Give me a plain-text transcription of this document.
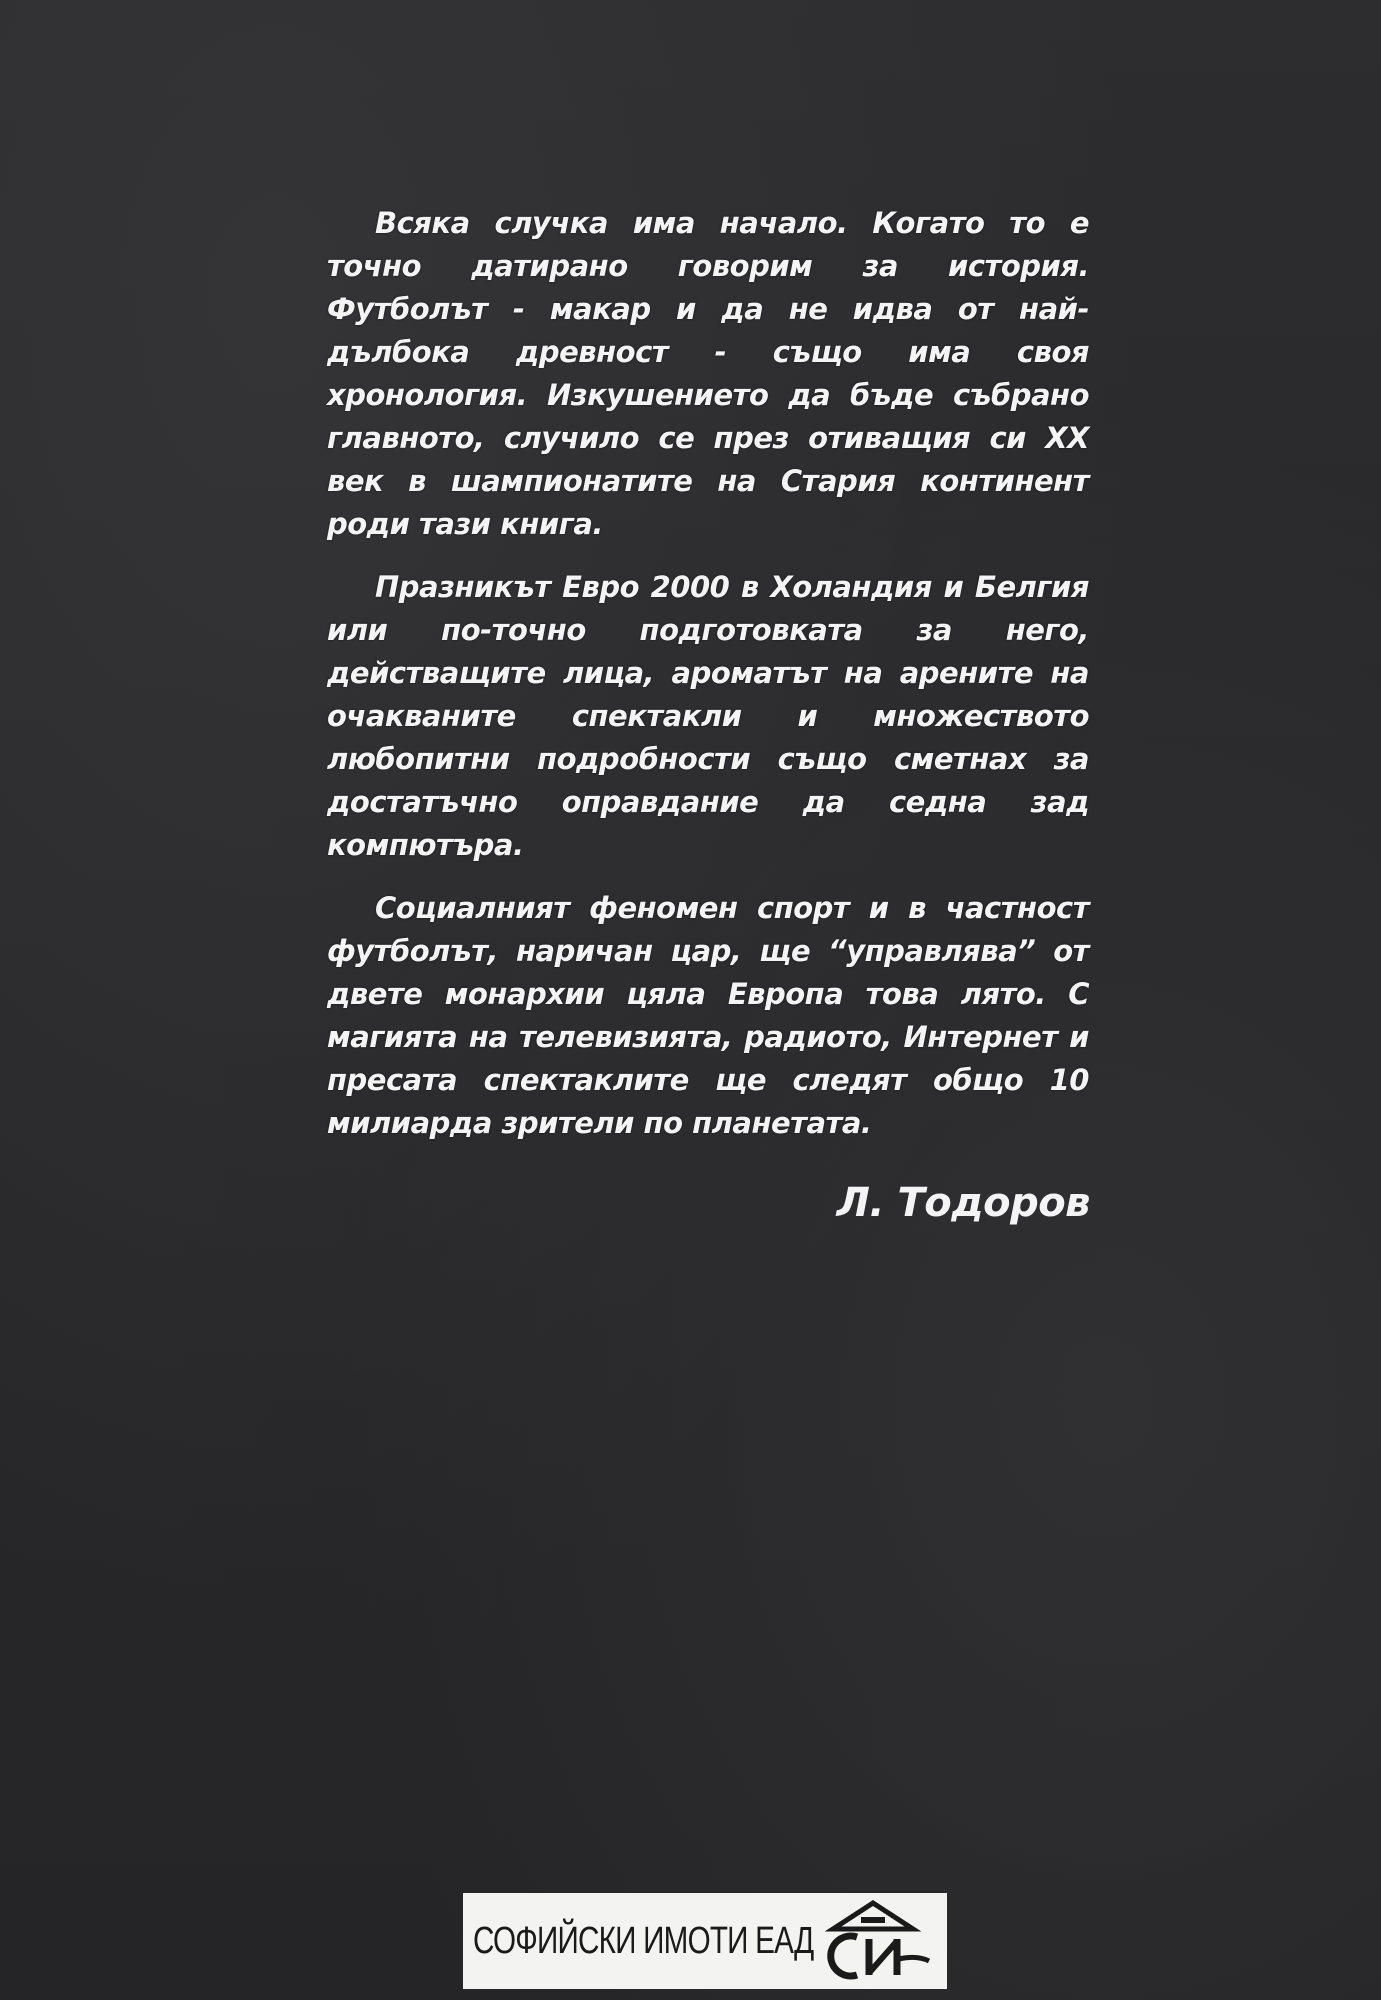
Всяка случка има начало. Когато то е точно датирано говорим за история. Футболът - макар и да не идва от най-дълбока древност - също има своя хронология. Изкушението да бъде събрано главното, случило се през отиващия си XX век в шампионатите на Стария континент роди тази книга.

Празникът Евро 2000 в Холандия и Белгия или по-точно подготовката за него, действащите лица, ароматът на арените на очакваните спектакли и множеството любопитни подробности също сметнах за достатъчно оправдание да седна зад компютъра.

Социалният феномен спорт и в частност футболът, наричан цар, ще “управлява” от двете монархии цяла Европа това лято. С магията на телевизията, радиото, Интернет и пресата спектаклите ще следят общо 10 милиарда зрители по планетата.

Л. Тодоров
СОФИЙСКИ ИМОТИ ЕАД
